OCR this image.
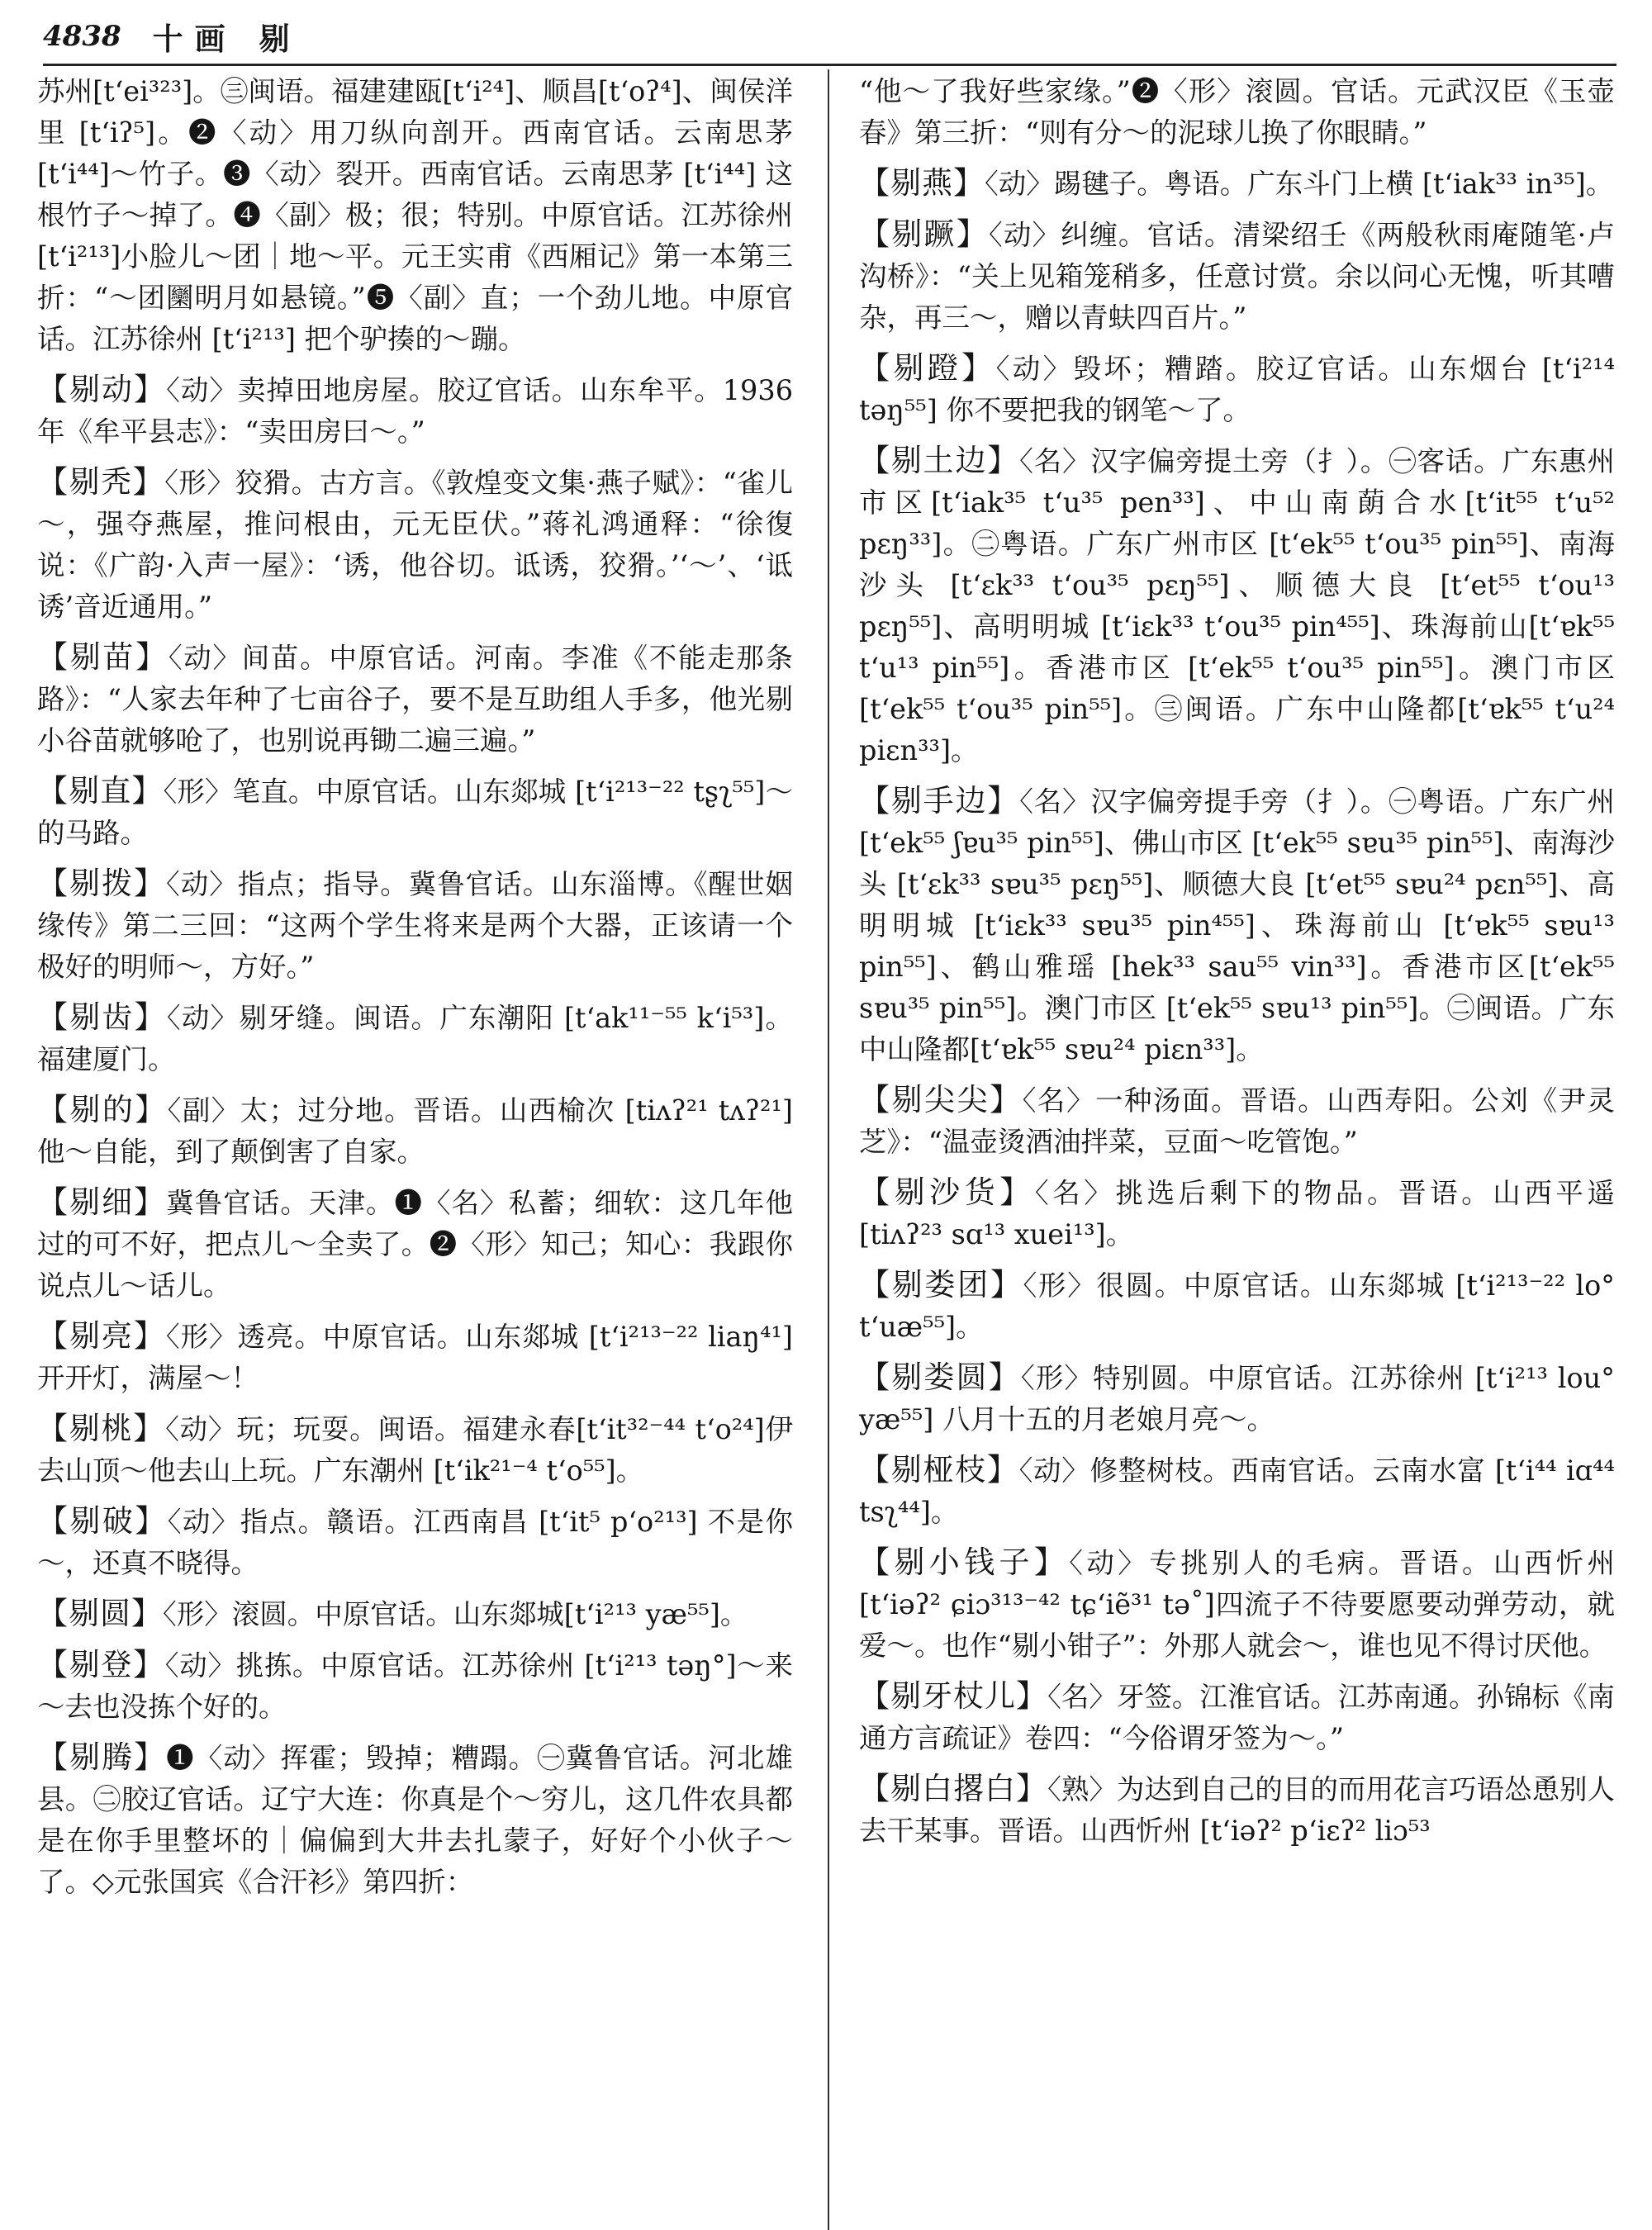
4838 十画 剔

苏州[tʻei³²³]。㊂闽语。福建建瓯[tʻi²⁴]、顺昌[tʻoʔ⁴]、闽侯洋里 [tʻiʔ⁵]。❷〈动〉用刀纵向剖开。西南官话。云南思茅 [tʻi⁴⁴]～竹子。❸〈动〉裂开。西南官话。云南思茅 [tʻi⁴⁴] 这根竹子～掉了。❹〈副〉极；很；特别。中原官话。江苏徐州 [tʻi²¹³]小脸儿～团｜地～平。元王实甫《西厢记》第一本第三折：“～团圞明月如悬镜。”❺〈副〉直；一个劲儿地。中原官话。江苏徐州 [tʻi²¹³] 把个驴揍的～蹦。

【剔动】〈动〉卖掉田地房屋。胶辽官话。山东牟平。1936年《牟平县志》：“卖田房曰～。”

【剔秃】〈形〉狡猾。古方言。《敦煌变文集·燕子赋》：“雀儿～，强夺燕屋，推问根由，元无臣伏。”蒋礼鸿通释：“徐復说：《广韵·入声一屋》：‘诱，他谷切。诋诱，狡猾。’‘～’、‘诋诱’音近通用。”

【剔苗】〈动〉间苗。中原官话。河南。李准《不能走那条路》：“人家去年种了七亩谷子，要不是互助组人手多，他光剔小谷苗就够呛了，也别说再锄二遍三遍。”

【剔直】〈形〉笔直。中原官话。山东郯城 [tʻi²¹³⁻²² tʂʅ⁵⁵]～的马路。

【剔拨】〈动〉指点；指导。冀鲁官话。山东淄博。《醒世姻缘传》第二三回：“这两个学生将来是两个大器，正该请一个极好的明师～，方好。”

【剔齿】〈动〉剔牙缝。闽语。广东潮阳 [tʻak¹¹⁻⁵⁵ kʻi⁵³]。福建厦门。

【剔的】〈副〉太；过分地。晋语。山西榆次 [tiʌʔ²¹ tʌʔ²¹]他～自能，到了颠倒害了自家。

【剔细】冀鲁官话。天津。❶〈名〉私蓄；细软：这几年他过的可不好，把点儿～全卖了。❷〈形〉知己；知心：我跟你说点儿～话儿。

【剔亮】〈形〉透亮。中原官话。山东郯城 [tʻi²¹³⁻²² liaŋ⁴¹]开开灯，满屋～！

【剔桃】〈动〉玩；玩耍。闽语。福建永春[tʻit³²⁻⁴⁴ tʻo²⁴]伊去山顶～他去山上玩。广东潮州 [tʻik²¹⁻⁴ tʻo⁵⁵]。

【剔破】〈动〉指点。赣语。江西南昌 [tʻit⁵ pʻo²¹³] 不是你～，还真不晓得。

【剔圆】〈形〉滚圆。中原官话。山东郯城[tʻi²¹³ yæ⁵⁵]。

【剔登】〈动〉挑拣。中原官话。江苏徐州 [tʻi²¹³ təŋ°]～来～去也没拣个好的。

【剔腾】❶〈动〉挥霍；毁掉；糟蹋。㊀冀鲁官话。河北雄县。㊁胶辽官话。辽宁大连：你真是个～穷儿，这几件农具都是在你手里整坏的｜偏偏到大井去扎蒙子，好好个小伙子～了。◇元张国宾《合汗衫》第四折：

“他～了我好些家缘。”❷〈形〉滚圆。官话。元武汉臣《玉壶春》第三折：“则有分～的泥球儿换了你眼睛。”

【剔燕】〈动〉踢毽子。粤语。广东斗门上横 [tʻiak³³ in³⁵]。

【剔蹶】〈动〉纠缠。官话。清梁绍壬《两般秋雨庵随笔·卢沟桥》：“关上见箱笼稍多，任意讨赏。余以问心无愧，听其嘈杂，再三～，赠以青蚨四百片。”

【剔蹬】〈动〉毁坏；糟踏。胶辽官话。山东烟台 [tʻi²¹⁴ təŋ⁵⁵] 你不要把我的钢笔～了。

【剔土边】〈名〉汉字偏旁提土旁（扌）。㊀客话。广东惠州市区[tʻiak³⁵ tʻu³⁵ pen³³]、中山南蓢合水[tʻit⁵⁵ tʻu⁵² pɛŋ³³]。㊁粤语。广东广州市区 [tʻek⁵⁵ tʻou³⁵ pin⁵⁵]、南海沙头 [tʻɛk³³ tʻou³⁵ pɛŋ⁵⁵]、顺德大良 [tʻet⁵⁵ tʻou¹³ pɛŋ⁵⁵]、高明明城 [tʻiɛk³³ tʻou³⁵ pin⁴⁵⁵]、珠海前山[tʻɐk⁵⁵ tʻu¹³ pin⁵⁵]。香港市区 [tʻek⁵⁵ tʻou³⁵ pin⁵⁵]。澳门市区 [tʻek⁵⁵ tʻou³⁵ pin⁵⁵]。㊂闽语。广东中山隆都[tʻɐk⁵⁵ tʻu²⁴ piɛn³³]。

【剔手边】〈名〉汉字偏旁提手旁（扌）。㊀粤语。广东广州[tʻek⁵⁵ ʃɐu³⁵ pin⁵⁵]、佛山市区 [tʻek⁵⁵ sɐu³⁵ pin⁵⁵]、南海沙头 [tʻɛk³³ sɐu³⁵ pɛŋ⁵⁵]、顺德大良 [tʻet⁵⁵ sɐu²⁴ pɛn⁵⁵]、高明明城 [tʻiɛk³³ sɐu³⁵ pin⁴⁵⁵]、珠海前山 [tʻɐk⁵⁵ sɐu¹³ pin⁵⁵]、鹤山雅瑶 [hek³³ sau⁵⁵ vin³³]。香港市区[tʻek⁵⁵ sɐu³⁵ pin⁵⁵]。澳门市区 [tʻek⁵⁵ sɐu¹³ pin⁵⁵]。㊁闽语。广东中山隆都[tʻɐk⁵⁵ sɐu²⁴ piɛn³³]。

【剔尖尖】〈名〉一种汤面。晋语。山西寿阳。公刘《尹灵芝》：“温壶烫酒油拌菜，豆面～吃管饱。”

【剔沙货】〈名〉挑选后剩下的物品。晋语。山西平遥 [tiʌʔ²³ sɑ¹³ xuei¹³]。

【剔娄团】〈形〉很圆。中原官话。山东郯城 [tʻi²¹³⁻²² lo° tʻuæ⁵⁵]。

【剔娄圆】〈形〉特别圆。中原官话。江苏徐州 [tʻi²¹³ lou° yæ⁵⁵] 八月十五的月老娘月亮～。

【剔桠枝】〈动〉修整树枝。西南官话。云南水富 [tʻi⁴⁴ iɑ⁴⁴ tsʅ⁴⁴]。

【剔小钱子】〈动〉专挑别人的毛病。晋语。山西忻州 [tʻiəʔ² ɕiɔ³¹³⁻⁴² tɕʻiẽ³¹ tə˚]四流子不待要愿要动弹劳动，就爱～。也作“剔小钳子”：外那人就会～，谁也见不得讨厌他。

【剔牙杖儿】〈名〉牙签。江淮官话。江苏南通。孙锦标《南通方言疏证》卷四：“今俗谓牙签为～。”

【剔白撂白】〈熟〉为达到自己的目的而用花言巧语怂恿别人去干某事。晋语。山西忻州 [tʻiəʔ² pʻiɛʔ² liɔ⁵³
